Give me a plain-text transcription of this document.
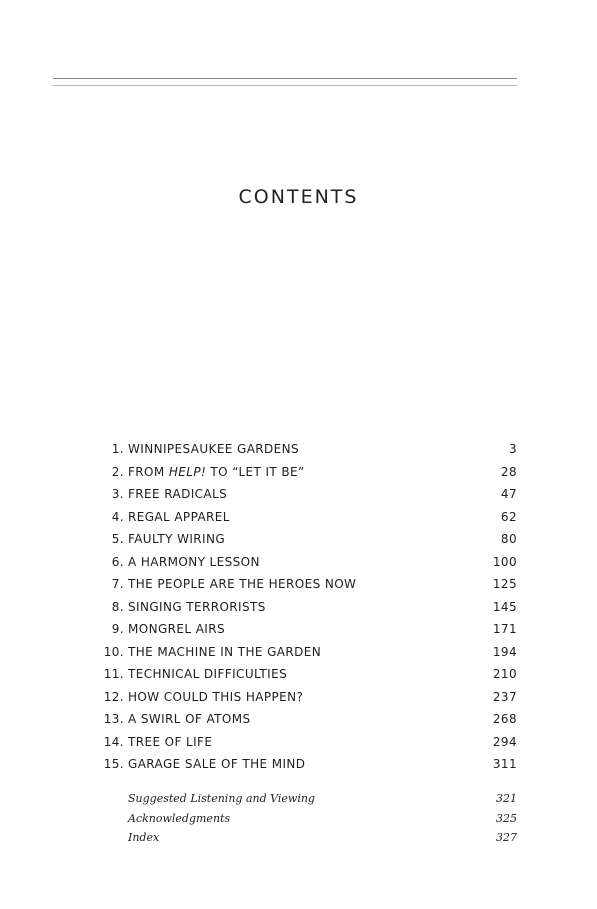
CONTENTS
1. WINNIPESAUKEE GARDENS	3
2. FROM HELP! TO “LET IT BE”	28
3. FREE RADICALS	47
4. REGAL APPAREL	62
5. FAULTY WIRING	80
6. A HARMONY LESSON	100
7. THE PEOPLE ARE THE HEROES NOW	125
8. SINGING TERRORISTS	145
9. MONGREL AIRS	171
10. THE MACHINE IN THE GARDEN	194
11. TECHNICAL DIFFICULTIES	210
12. HOW COULD THIS HAPPEN?	237
13. A SWIRL OF ATOMS	268
14. TREE OF LIFE	294
15. GARAGE SALE OF THE MIND	311
Suggested Listening and Viewing	321
Acknowledgments	325
Index	327
